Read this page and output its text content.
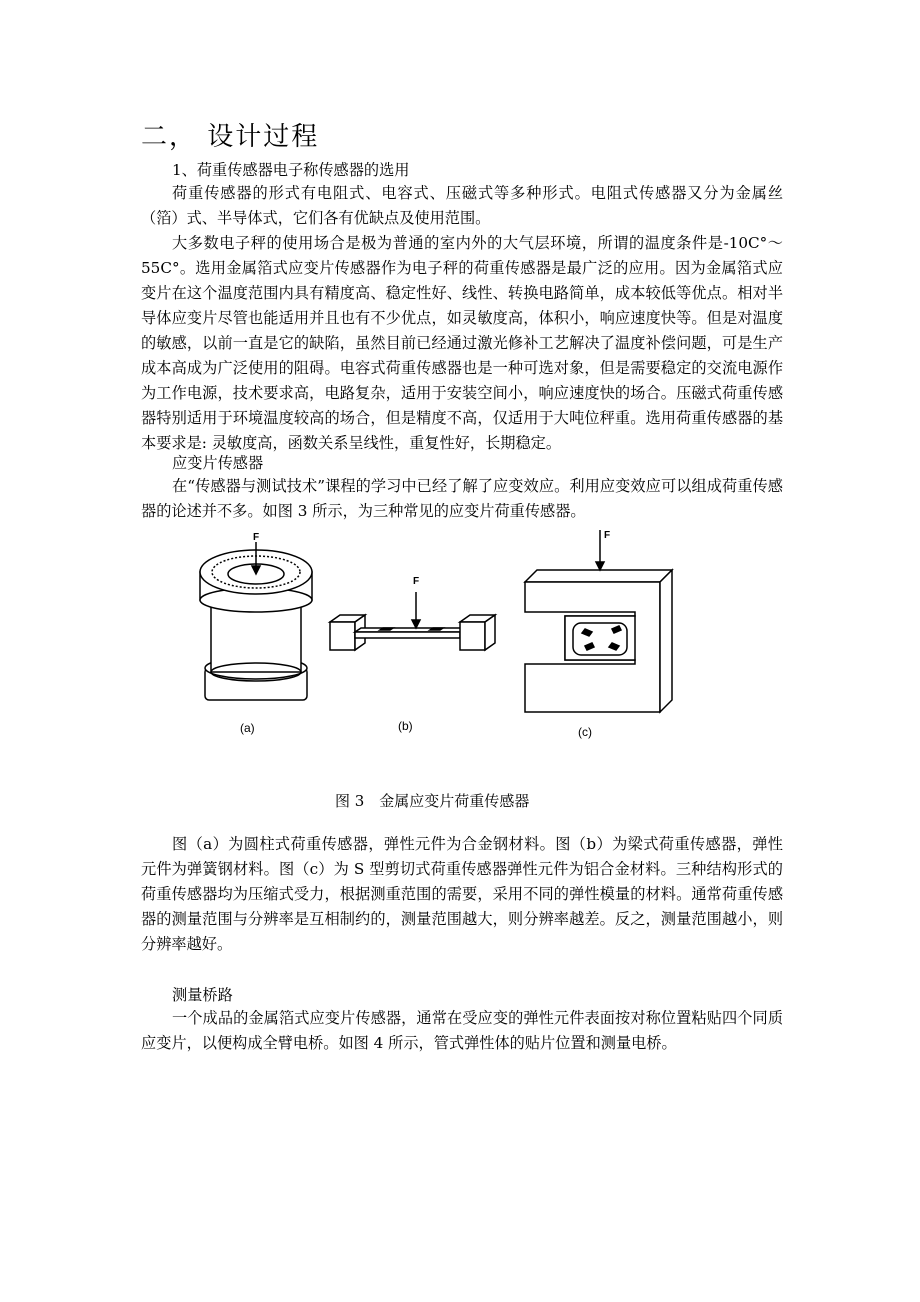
二， 设计过程
1、荷重传感器电子称传感器的选用
荷重传感器的形式有电阻式、电容式、压磁式等多种形式。电阻式传感器又分为金属丝（箔）式、半导体式，它们各有优缺点及使用范围。
大多数电子秤的使用场合是极为普通的室内外的大气层环境，所谓的温度条件是-10C°～55C°。选用金属箔式应变片传感器作为电子秤的荷重传感器是最广泛的应用。因为金属箔式应变片在这个温度范围内具有精度高、稳定性好、线性、转换电路简单，成本较低等优点。相对半导体应变片尽管也能适用并且也有不少优点，如灵敏度高，体积小，响应速度快等。但是对温度的敏感，以前一直是它的缺陷，虽然目前已经通过激光修补工艺解决了温度补偿问题，可是生产成本高成为广泛使用的阻碍。电容式荷重传感器也是一种可选对象，但是需要稳定的交流电源作为工作电源，技术要求高，电路复杂，适用于安装空间小，响应速度快的场合。压磁式荷重传感器特别适用于环境温度较高的场合，但是精度不高，仅适用于大吨位秤重。选用荷重传感器的基本要求是: 灵敏度高，函数关系呈线性，重复性好，长期稳定。
应变片传感器
在“传感器与测试技术”课程的学习中已经了解了应变效应。利用应变效应可以组成荷重传感器的论述并不多。如图 3 所示，为三种常见的应变片荷重传感器。
F
(a)
F
(b)
F
(c)
图 3　金属应变片荷重传感器
图（a）为圆柱式荷重传感器，弹性元件为合金钢材料。图（b）为梁式荷重传感器，弹性元件为弹簧钢材料。图（c）为 S 型剪切式荷重传感器弹性元件为铝合金材料。三种结构形式的荷重传感器均为压缩式受力，根据测重范围的需要，采用不同的弹性模量的材料。通常荷重传感器的测量范围与分辨率是互相制约的，测量范围越大，则分辨率越差。反之，测量范围越小，则分辨率越好。
测量桥路
一个成品的金属箔式应变片传感器，通常在受应变的弹性元件表面按对称位置粘贴四个同质应变片，以便构成全臂电桥。如图 4 所示，管式弹性体的贴片位置和测量电桥。
